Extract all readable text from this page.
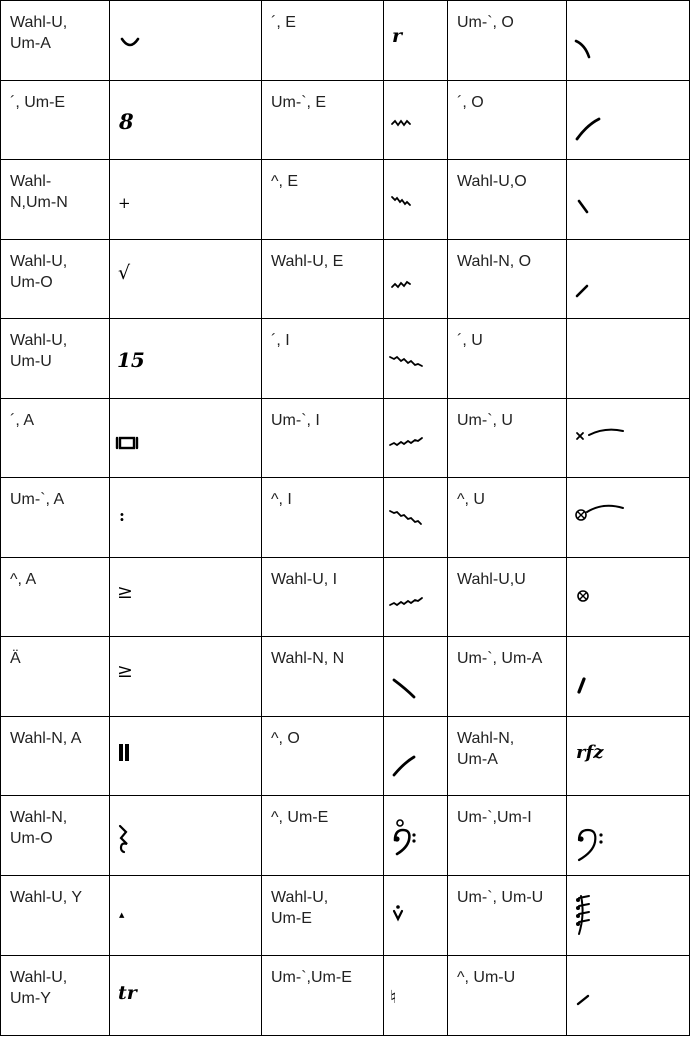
Wahl-U,
Um-A		´, E	r	Um-`, O

´, Um-E	8	Um-`, E		´, O

Wahl-
N,Um-N	+	^, E		Wahl-U,O

Wahl-U,
Um-O	√	Wahl-U, E		Wahl-N, O

Wahl-U,
Um-U	15	´, I		´, U	

´, A		Um-`, I		Um-`, U

Um-`, A	:	^, I		^, U

^, A	≥	Wahl-U, I		Wahl-U,U

Ä	≥	Wahl-N, N		Um-`, Um-A

Wahl-N, A		^, O		Wahl-N,
Um-A	rfz

Wahl-N,
Um-O		^, Um-E		Um-`,Um-I

Wahl-U, Y	▲	Wahl-U,
Um-E		Um-`, Um-U

Wahl-U,
Um-Y	tr	Um-`,Um-E	♮	^, Um-U
